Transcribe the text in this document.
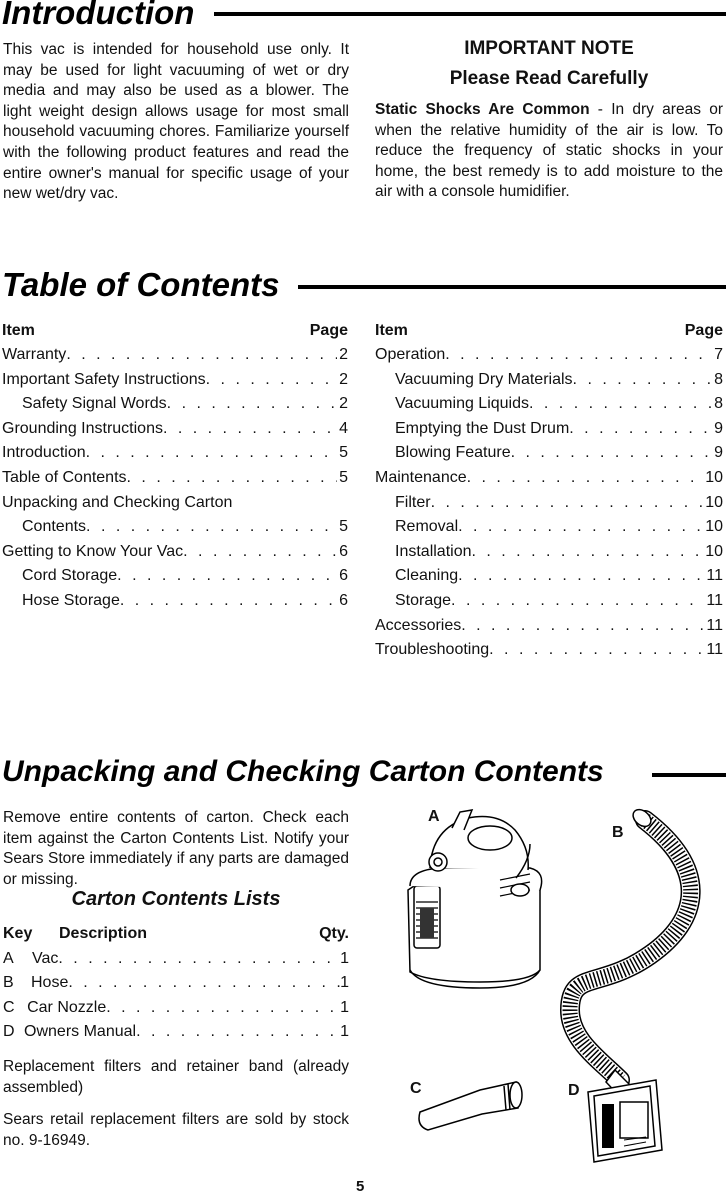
Introduction
This vac is intended for household use only. It may be used for light vacuuming of wet or dry media and may also be used as a blower. The light weight design allows usage for most small household vacuuming chores. Familiarize yourself with the following product features and read the entire owner's manual for specific usage of your new wet/dry vac.
IMPORTANT NOTE
Please Read Carefully
Static Shocks Are Common - In dry areas or when the relative humidity of the air is low. To reduce the frequency of static shocks in your home, the best remedy is to add moisture to the air with a console humidifier.
Table of Contents
Item	Page
Warranty . . .	2
Important Safety Instructions . . .	2
Safety Signal Words . . .	2
Grounding Instructions . . .	4
Introduction . . .	5
Table of Contents . . .	5
Unpacking and Checking Carton
Contents . . .	5
Getting to Know Your Vac . . .	6
Cord Storage . . .	6
Hose Storage . . .	6
Item	Page
Operation . . .	7
Vacuuming Dry Materials . . .	8
Vacuuming Liquids . . .	8
Emptying the Dust Drum . . .	9
Blowing Feature . . .	9
Maintenance . . .	10
Filter . . .	10
Removal . . .	10
Installation . . .	10
Cleaning . . .	11
Storage . . .	11
Accessories . . .	11
Troubleshooting . . .	11
Unpacking and Checking Carton Contents
Remove entire contents of carton. Check each item against the Carton Contents List. Notify your Sears Store immediately if any parts are damaged or missing.
Carton Contents Lists
Key	Description	Qty.
A	Vac . . .	1
B	Hose . . .	1
C Car Nozzle . . .	1
D Owners Manual . . .	1
Replacement filters and retainer band (already assembled)
Sears retail replacement filters are sold by stock no. 9-16949.
A
B
C	D
5
